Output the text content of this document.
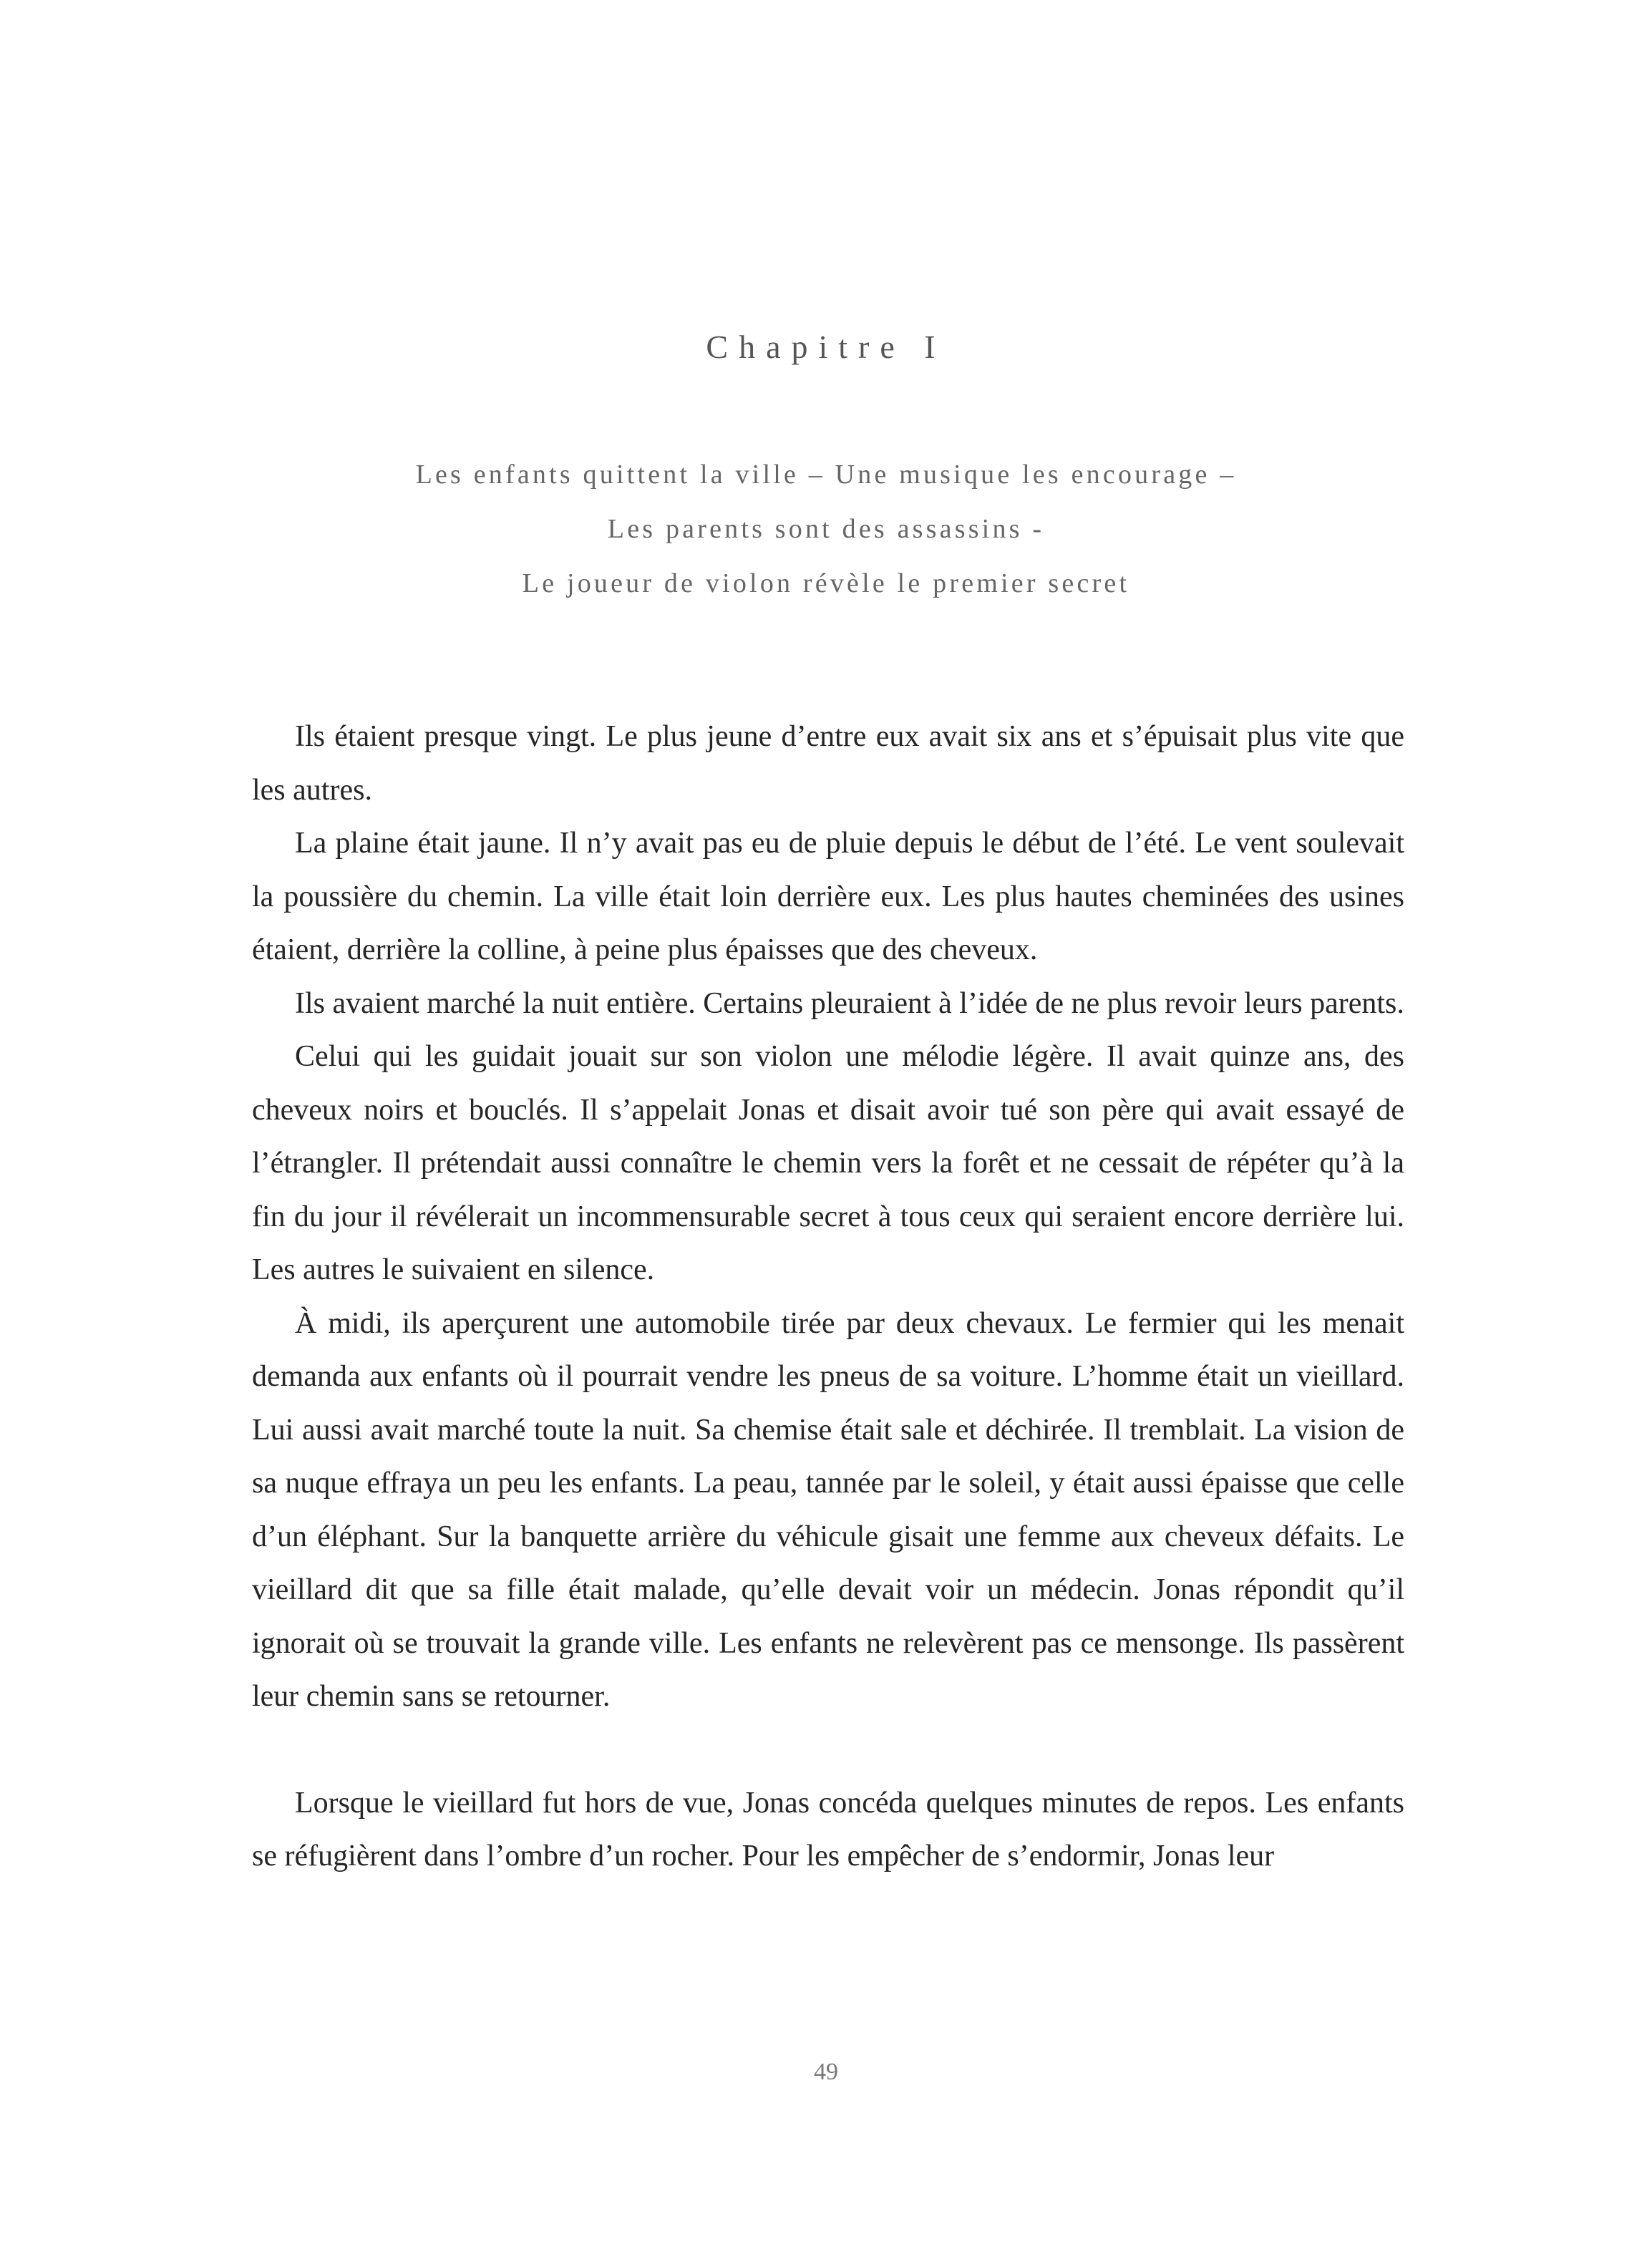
Chapitre I
Les enfants quittent la ville – Une musique les encourage –
Les parents sont des assassins -
Le joueur de violon révèle le premier secret

Ils étaient presque vingt. Le plus jeune d’entre eux avait six ans et s’épuisait plus vite que les autres.

La plaine était jaune. Il n’y avait pas eu de pluie depuis le début de l’été. Le vent soulevait la poussière du chemin. La ville était loin derrière eux. Les plus hautes cheminées des usines étaient, derrière la colline, à peine plus épaisses que des cheveux.

Ils avaient marché la nuit entière. Certains pleuraient à l’idée de ne plus revoir leurs parents.

Celui qui les guidait jouait sur son violon une mélodie légère. Il avait quinze ans, des cheveux noirs et bouclés. Il s’appelait Jonas et disait avoir tué son père qui avait essayé de l’étrangler. Il prétendait aussi connaître le chemin vers la forêt et ne cessait de répéter qu’à la fin du jour il révélerait un incommensurable secret à tous ceux qui seraient encore derrière lui. Les autres le suivaient en silence.

À midi, ils aperçurent une automobile tirée par deux chevaux. Le fermier qui les menait demanda aux enfants où il pourrait vendre les pneus de sa voiture. L’homme était un vieillard. Lui aussi avait marché toute la nuit. Sa chemise était sale et déchirée. Il tremblait. La vision de sa nuque effraya un peu les enfants. La peau, tannée par le soleil, y était aussi épaisse que celle d’un éléphant. Sur la banquette arrière du véhicule gisait une femme aux cheveux défaits. Le vieillard dit que sa fille était malade, qu’elle devait voir un médecin. Jonas répondit qu’il ignorait où se trouvait la grande ville. Les enfants ne relevèrent pas ce mensonge. Ils passèrent leur chemin sans se retourner.

Lorsque le vieillard fut hors de vue, Jonas concéda quelques minutes de repos. Les enfants se réfugièrent dans l’ombre d’un rocher. Pour les empêcher de s’endormir, Jonas leur

49
